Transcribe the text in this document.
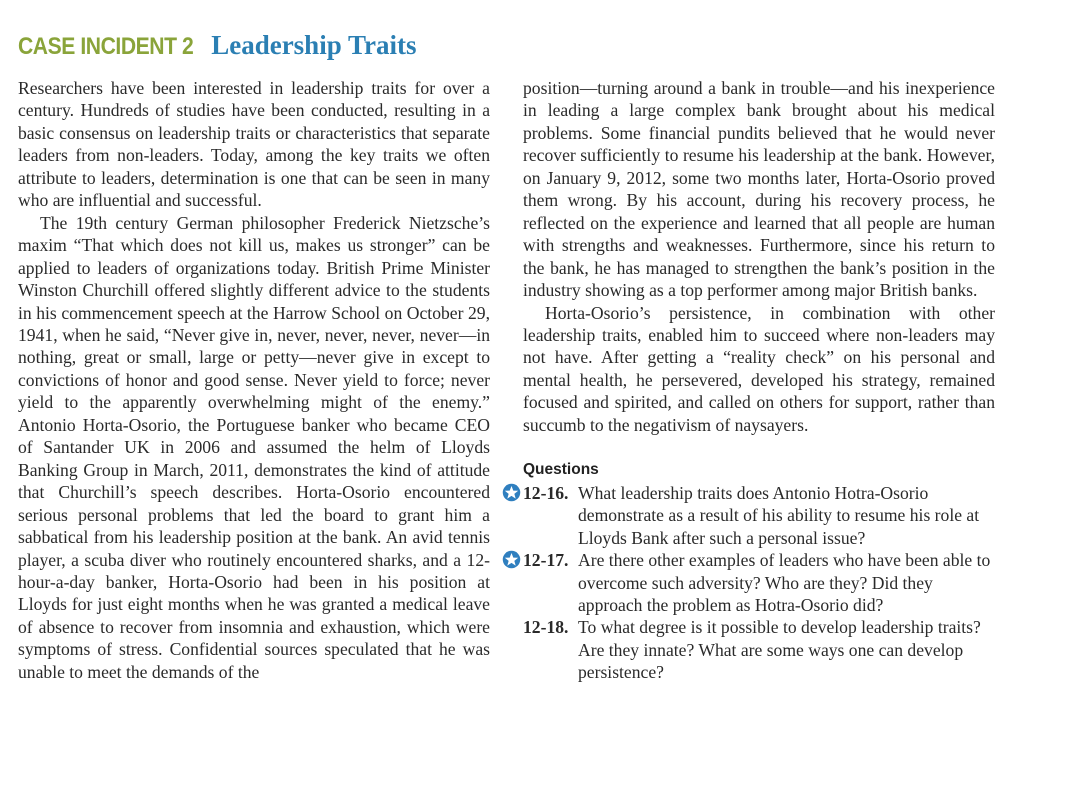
CASE INCIDENT 2 Leadership Traits

Researchers have been interested in leadership traits for over a century. Hundreds of studies have been conducted, resulting in a basic consensus on leadership traits or characteristics that separate leaders from non-leaders. Today, among the key traits we often attribute to leaders, determination is one that can be seen in many who are influential and successful.

The 19th century German philosopher Frederick Nietzsche’s maxim “That which does not kill us, makes us stronger” can be applied to leaders of organizations today. British Prime Minister Winston Churchill offered slightly different advice to the students in his commencement speech at the Harrow School on October 29, 1941, when he said, “Never give in, never, never, never, never—in nothing, great or small, large or petty—never give in except to convictions of honor and good sense. Never yield to force; never yield to the apparently overwhelming might of the enemy.” Antonio Horta-Osorio, the Portuguese banker who became CEO of Santander UK in 2006 and assumed the helm of Lloyds Banking Group in March, 2011, demonstrates the kind of attitude that Churchill’s speech describes. Horta-Osorio encountered serious personal problems that led the board to grant him a sabbatical from his leadership position at the bank. An avid tennis player, a scuba diver who routinely encountered sharks, and a 12-hour-a-day banker, Horta-Osorio had been in his position at Lloyds for just eight months when he was granted a medical leave of absence to recover from insomnia and exhaustion, which were symptoms of stress. Confidential sources speculated that he was unable to meet the demands of the

position—turning around a bank in trouble—and his inexperience in leading a large complex bank brought about his medical problems. Some financial pundits believed that he would never recover sufficiently to resume his leadership at the bank. However, on January 9, 2012, some two months later, Horta-Osorio proved them wrong. By his account, during his recovery process, he reflected on the experience and learned that all people are human with strengths and weaknesses. Furthermore, since his return to the bank, he has managed to strengthen the bank’s position in the industry showing as a top performer among major British banks.

Horta-Osorio’s persistence, in combination with other leadership traits, enabled him to succeed where non-leaders may not have. After getting a “reality check” on his personal and mental health, he persevered, developed his strategy, remained focused and spirited, and called on others for support, rather than succumb to the negativism of naysayers.

Questions
12-16. What leadership traits does Antonio Hotra-Osorio demonstrate as a result of his ability to resume his role at Lloyds Bank after such a personal issue?
12-17. Are there other examples of leaders who have been able to overcome such adversity? Who are they? Did they approach the problem as Hotra-Osorio did?
12-18. To what degree is it possible to develop leadership traits? Are they innate? What are some ways one can develop persistence?
